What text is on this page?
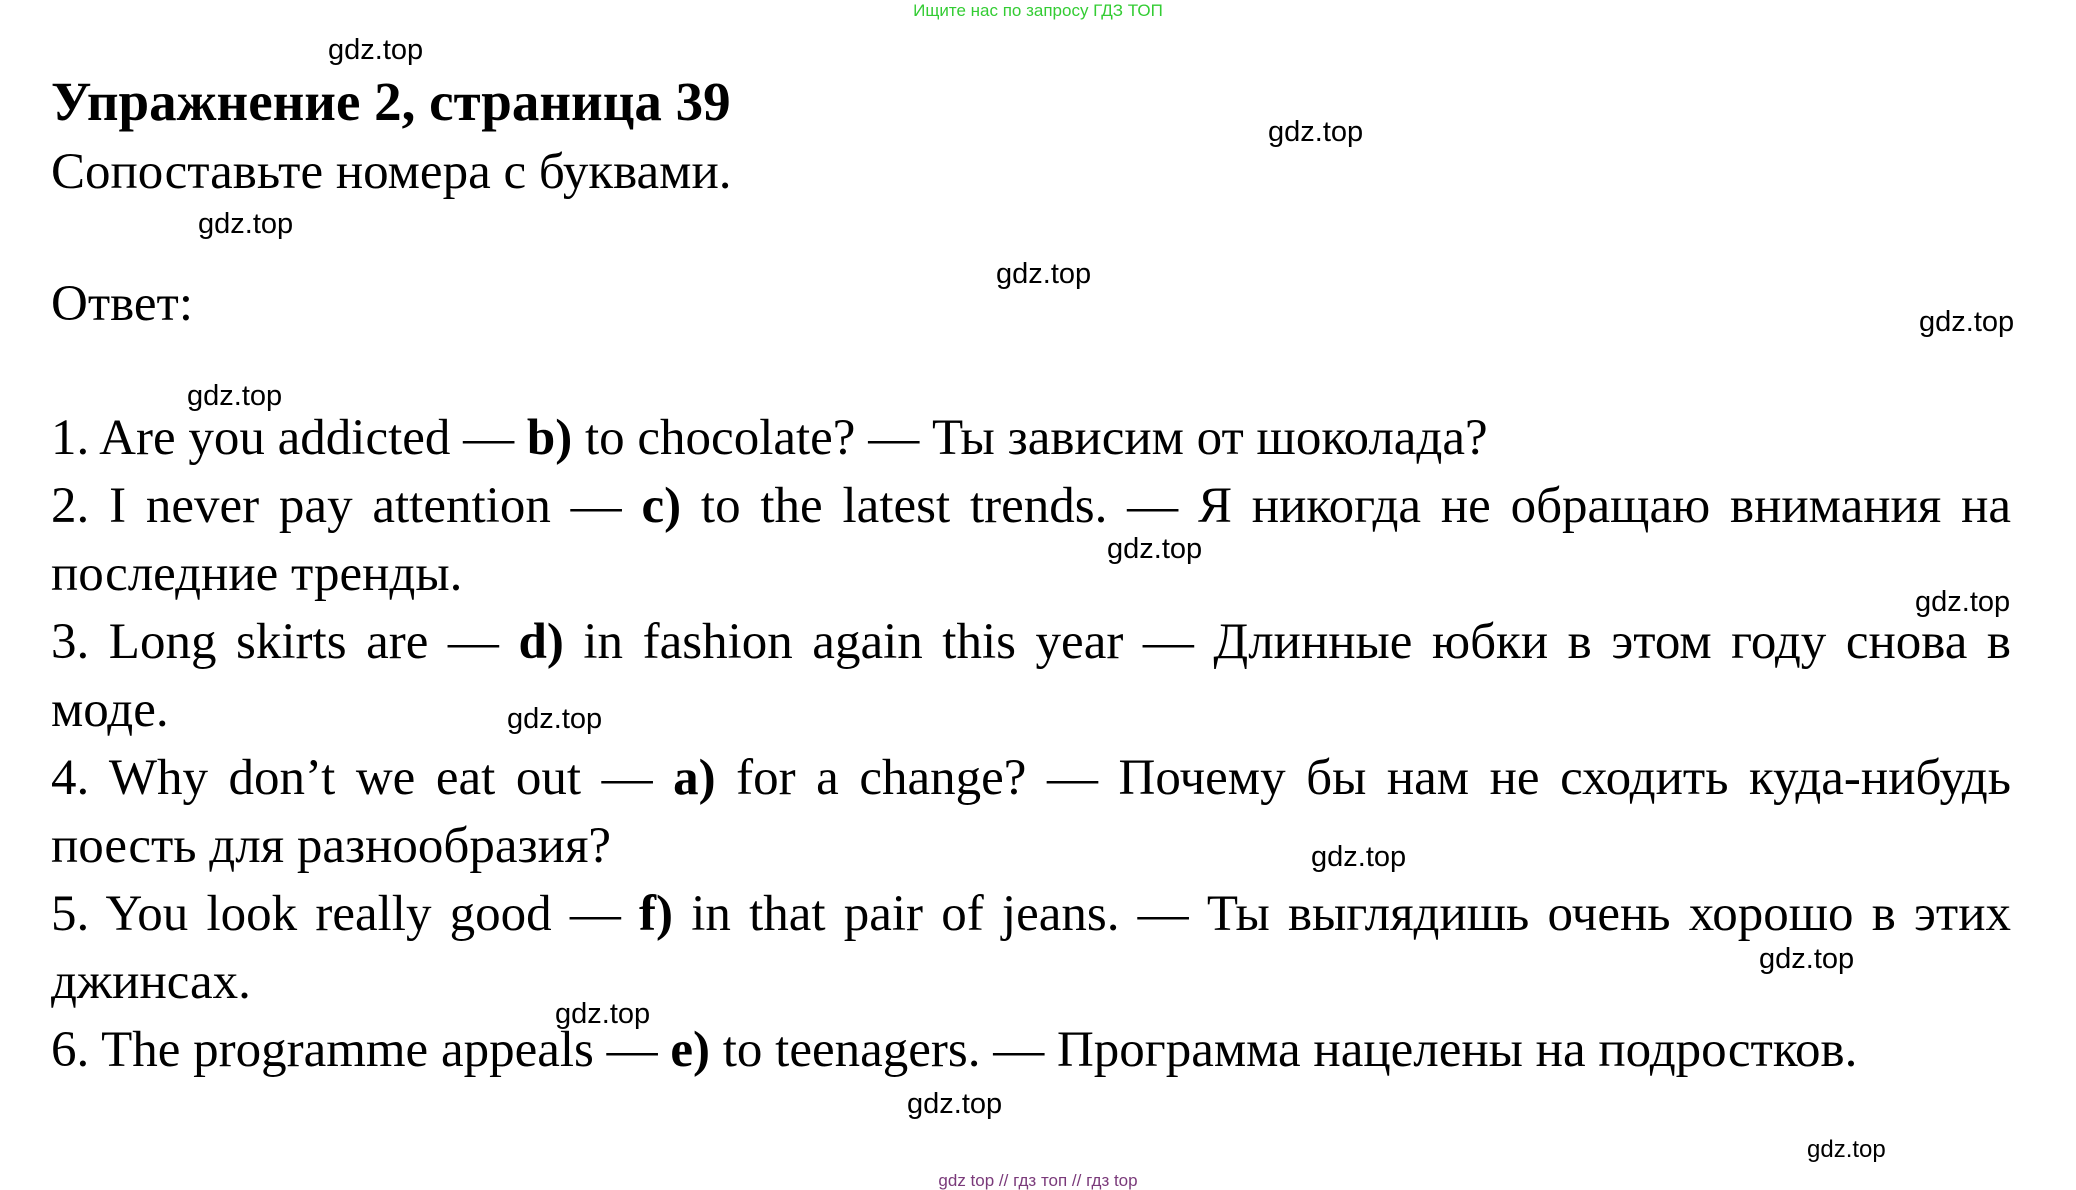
Ищите нас по запросу ГДЗ ТОП
Упражнение 2, страница 39

Сопоставьте номера с буквами.

Ответ:

1. Are you addicted — b) to chocolate? — Ты зависим от шоколада?

2. I never pay attention — c) to the latest trends. — Я никогда не обращаю внимания на последние тренды.

3. Long skirts are — d) in fashion again this year — Длинные юбки в этом году снова в моде.

4. Why don’t we eat out — a) for a change? — Почему бы нам не сходить куда-нибудь поесть для разнообразия?

5. You look really good — f) in that pair of jeans. — Ты выглядишь очень хорошо в этих джинсах.

6. The programme appeals — e) to teenagers. — Программа нацелены на подростков.

gdz.top
gdz.top
gdz.top
gdz.top
gdz.top
gdz.top
gdz.top
gdz.top
gdz.top
gdz.top
gdz.top
gdz.top
gdz.top
gdz.top
gdz top // гдз топ // гдз top
